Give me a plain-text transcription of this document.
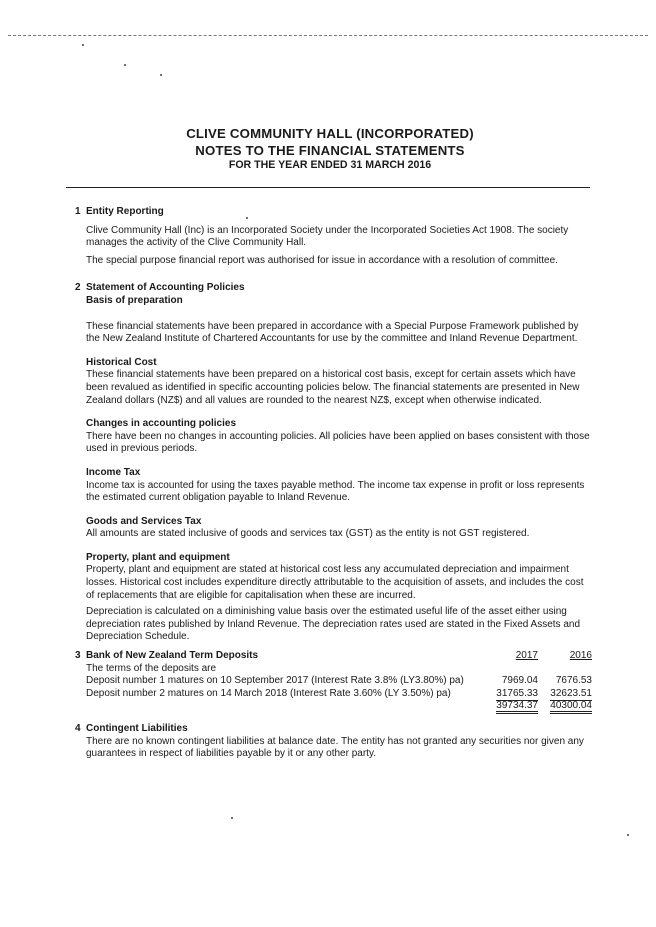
CLIVE COMMUNITY HALL (INCORPORATED)
NOTES TO THE FINANCIAL STATEMENTS
FOR THE YEAR ENDED 31 MARCH 2016
1 Entity Reporting

Clive Community Hall (Inc) is an Incorporated Society under the Incorporated Societies Act 1908. The society manages the activity of the Clive Community Hall.

The special purpose financial report was authorised for issue in accordance with a resolution of committee.

2 Statement of Accounting Policies
Basis of preparation

These financial statements have been prepared in accordance with a Special Purpose Framework published by the New Zealand Institute of Chartered Accountants for use by the committee and Inland Revenue Department.

Historical Cost

These financial statements have been prepared on a historical cost basis, except for certain assets which have been revalued as identified in specific accounting policies below. The financial statements are presented in New Zealand dollars (NZ$) and all values are rounded to the nearest NZ$, except when otherwise indicated.

Changes in accounting policies

There have been no changes in accounting policies. All policies have been applied on bases consistent with those used in previous periods.

Income Tax

Income tax is accounted for using the taxes payable method. The income tax expense in profit or loss represents the estimated current obligation payable to Inland Revenue.

Goods and Services Tax

All amounts are stated inclusive of goods and services tax (GST) as the entity is not GST registered.

Property, plant and equipment

Property, plant and equipment are stated at historical cost less any accumulated depreciation and impairment losses. Historical cost includes expenditure directly attributable to the acquisition of assets, and includes the cost of replacements that are eligible for capitalisation when these are incurred.

Depreciation is calculated on a diminishing value basis over the estimated useful life of the asset either using depreciation rates published by Inland Revenue. The depreciation rates used are stated in the Fixed Assets and Depreciation Schedule.

3 Bank of New Zealand Term Deposits	2017	2016
The terms of the deposits are
Deposit number 1 matures on 10 September 2017 (Interest Rate 3.8% (LY3.80%) pa)	7969.04 7676.53
Deposit number 2 matures on 14 March 2018 (Interest Rate 3.60% (LY 3.50%) pa)	31765.33 32623.51
39734.37 40300.04
4 Contingent Liabilities

There are no known contingent liabilities at balance date. The entity has not granted any securities nor given any guarantees in respect of liabilities payable by it or any other party.
